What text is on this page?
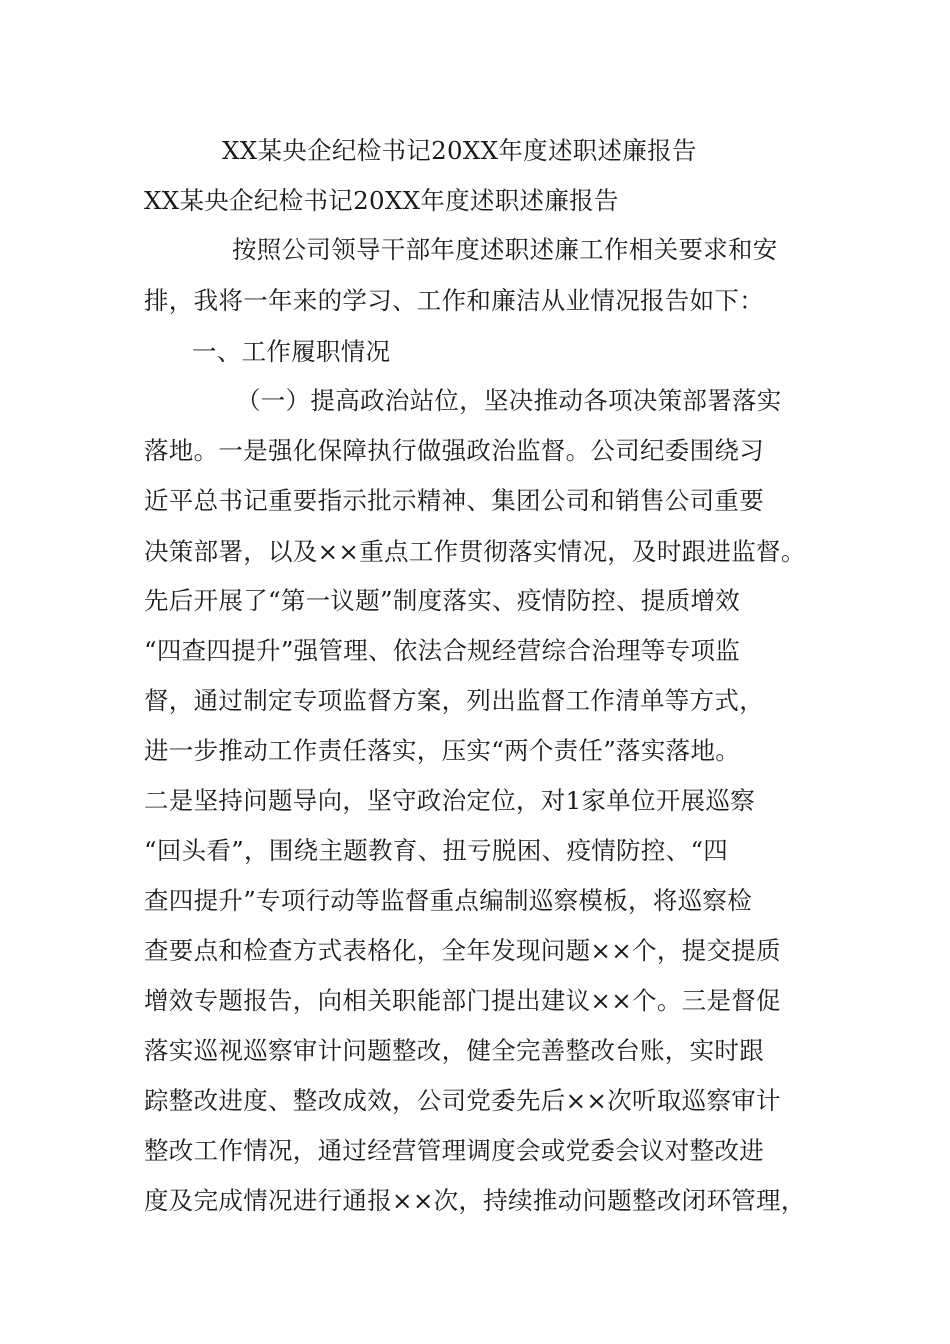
XX某央企纪检书记20XX年度述职述廉报告
XX某央企纪检书记20XX年度述职述廉报告
按照公司领导干部年度述职述廉工作相关要求和安
排，我将一年来的学习、工作和廉洁从业情况报告如下：
一、工作履职情况
（一）提高政治站位，坚决推动各项决策部署落实
落地。一是强化保障执行做强政治监督。公司纪委围绕习
近平总书记重要指示批示精神、集团公司和销售公司重要
决策部署，以及××重点工作贯彻落实情况，及时跟进监督。
先后开展了“第一议题”制度落实、疫情防控、提质增效
“四查四提升”强管理、依法合规经营综合治理等专项监
督，通过制定专项监督方案，列出监督工作清单等方式，
进一步推动工作责任落实，压实“两个责任”落实落地。
二是坚持问题导向，坚守政治定位，对1家单位开展巡察
“回头看”，围绕主题教育、扭亏脱困、疫情防控、“四
查四提升”专项行动等监督重点编制巡察模板，将巡察检
查要点和检查方式表格化，全年发现问题××个，提交提质
增效专题报告，向相关职能部门提出建议××个。三是督促
落实巡视巡察审计问题整改，健全完善整改台账，实时跟
踪整改进度、整改成效，公司党委先后××次听取巡察审计
整改工作情况，通过经营管理调度会或党委会议对整改进
度及完成情况进行通报××次，持续推动问题整改闭环管理，
